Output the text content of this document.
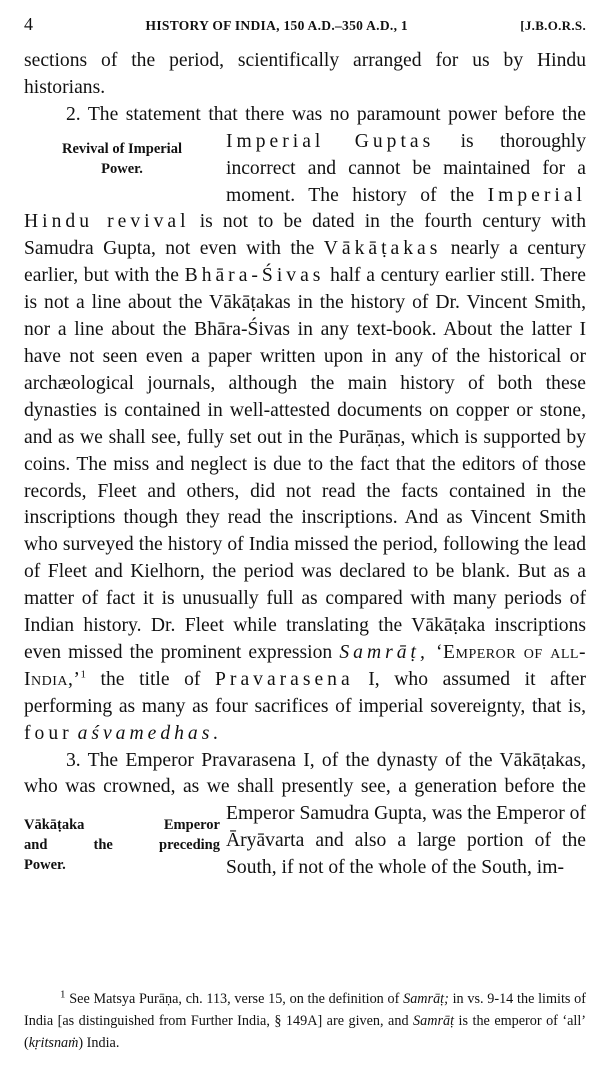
4	HISTORY OF INDIA, 150 A.D.–350 A.D., 1	[J.B.O.R.S.

sections of the period, scientifically arranged for us by Hindu historians.

2. The statement that there was no paramount power before the
Revival of Imperial
Power.
Imperial Guptas is thoroughly incorrect and cannot be maintained for a moment. The history of the Imperial Hindu revival is not to be dated in the fourth century with Samudra Gupta, not even with the Vākāṭakas nearly a century earlier, but with the Bhāra-Śivas half a century earlier still. There is not a line about the Vākāṭakas in the history of Dr. Vincent Smith, nor a line about the Bhāra-Śivas in any text-book. About the latter I have not seen even a paper written upon in any of the historical or archæological journals, although the main history of both these dynasties is contained in well-attested documents on copper or stone, and as we shall see, fully set out in the Purāṇas, which is supported by coins. The miss and neglect is due to the fact that the editors of those records, Fleet and others, did not read the facts contained in the inscriptions though they read the inscriptions. And as Vincent Smith who surveyed the history of India missed the period, following the lead of Fleet and Kielhorn, the period was declared to be blank. But as a matter of fact it is unusually full as compared with many periods of Indian history. Dr. Fleet while translating the Vākāṭaka inscriptions even missed the prominent expression Samrāṭ, ‘Emperor of all-India,’$^1$ the title of Pravarasena I, who assumed it after performing as many as four sacrifices of imperial sovereignty, that is, four aśvamedhas.

3. The Emperor Pravarasena I, of the dynasty of the Vākāṭakas, who was crowned, as we shall presently see, a
Vākāṭaka Emperor
and the preceding
Power.
generation before the Emperor Samudra Gupta, was the Emperor of Āryāvarta and also a large portion of the South, if not of the whole of the South, im-

$^1$ See Matsya Purāṇa, ch. 113, verse 15, on the definition of Samrāṭ; in vs. 9-14 the limits of India [as distinguished from Further India, § 149A] are given, and Samrāṭ is the emperor of ‘all’ (kṛitsnaṁ) India.
